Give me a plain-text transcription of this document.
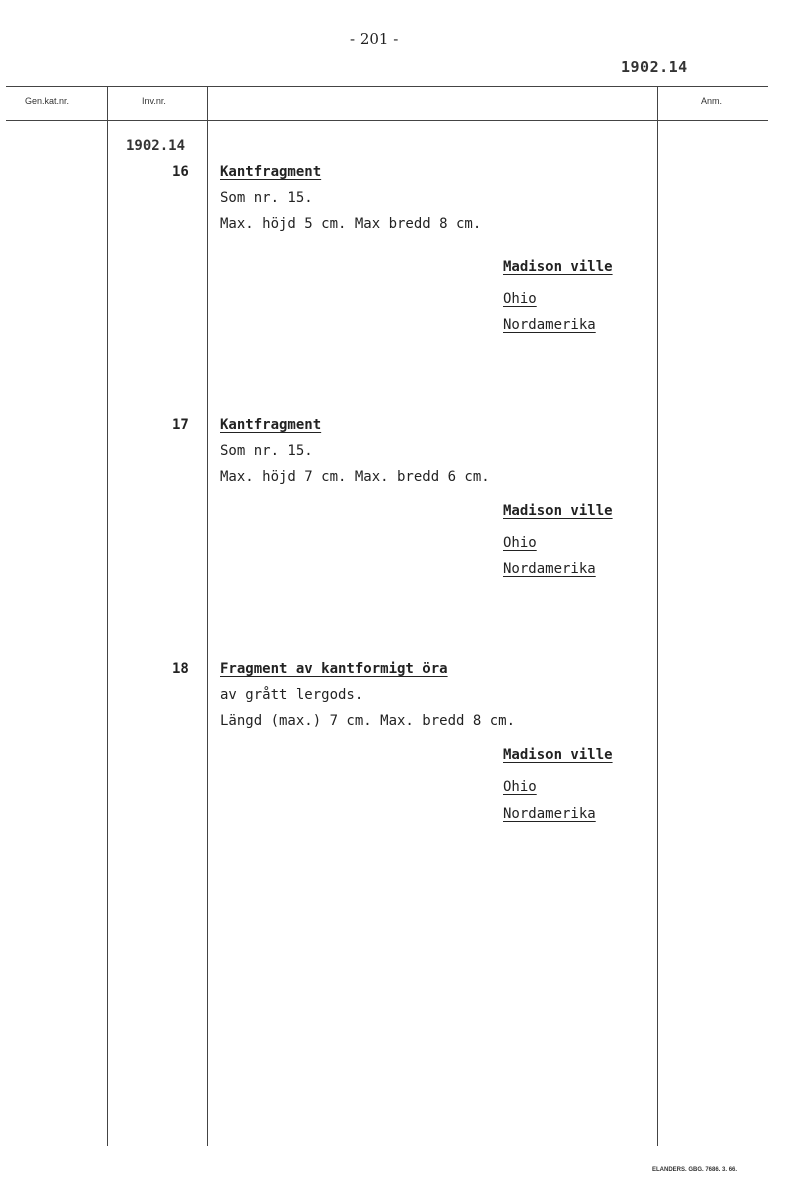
- 201 -
1902.14
Gen.kat.nr.	Inv.nr.	Anm.
1902.14
16 Kantfragment
Som nr. 15.
Max. höjd 5 cm. Max bredd 8 cm.
Madison ville
Ohio
Nordamerika
17 Kantfragment
Som nr. 15.
Max. höjd 7 cm. Max. bredd 6 cm.
Madison ville
Ohio
Nordamerika
18 Fragment av kantformigt öra
av grått lergods.
Längd (max.) 7 cm. Max. bredd 8 cm.
Madison ville
Ohio
Nordamerika
ELANDERS. GBG. 7686. 3. 66.
